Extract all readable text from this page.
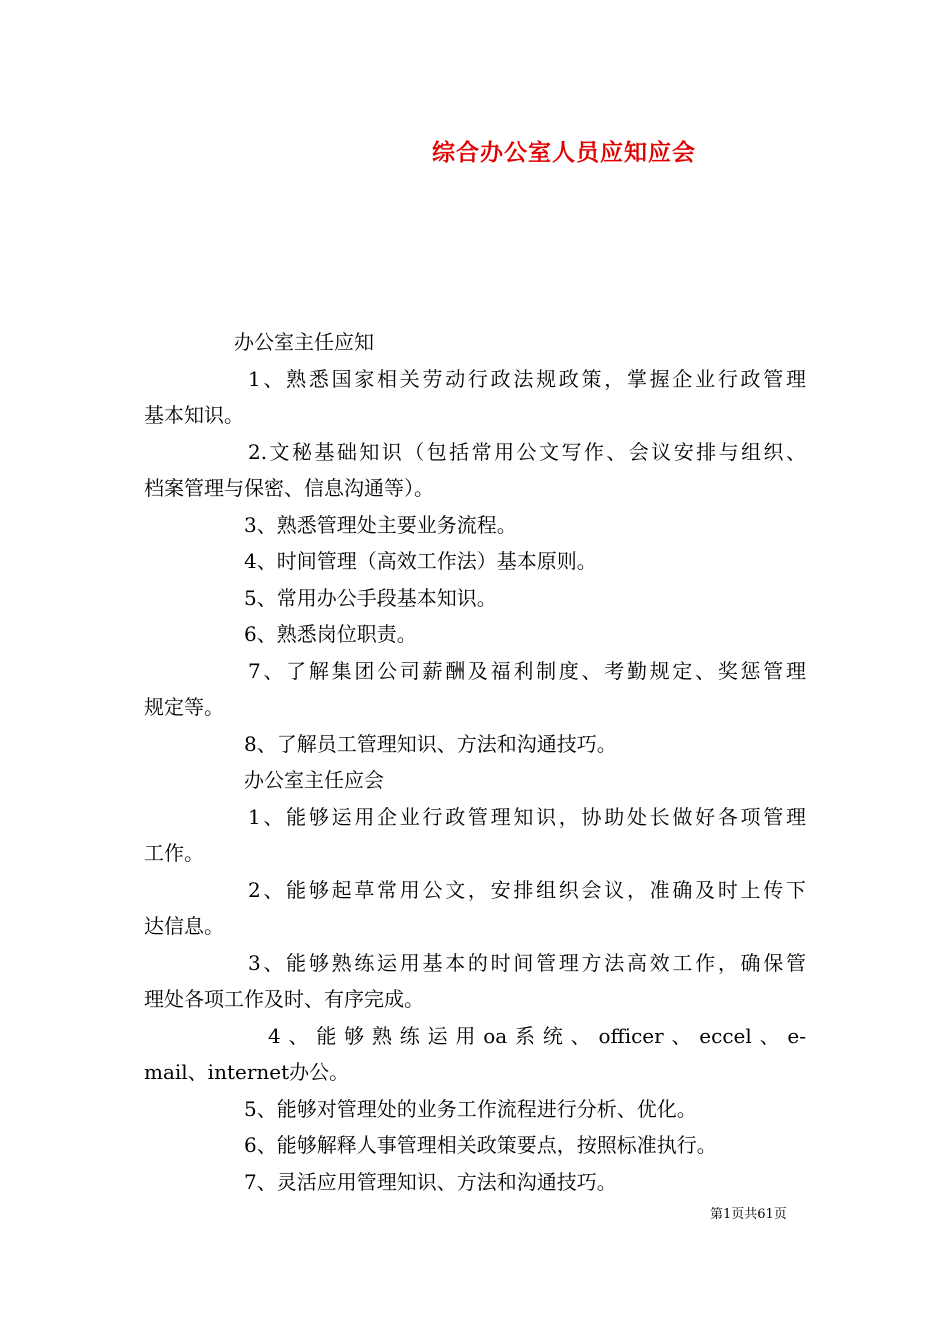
综合办公室人员应知应会
办公室主任应知
1、熟悉国家相关劳动行政法规政策，掌握企业行政管理
基本知识。
2.文秘基础知识（包括常用公文写作、会议安排与组织、
档案管理与保密、信息沟通等）。
3、熟悉管理处主要业务流程。
4、时间管理（高效工作法）基本原则。
5、常用办公手段基本知识。
6、熟悉岗位职责。
7、了解集团公司薪酬及福利制度、考勤规定、奖惩管理
规定等。
8、了解员工管理知识、方法和沟通技巧。
办公室主任应会
1、能够运用企业行政管理知识，协助处长做好各项管理
工作。
2、能够起草常用公文，安排组织会议，准确及时上传下
达信息。
3、能够熟练运用基本的时间管理方法高效工作，确保管
理处各项工作及时、有序完成。
4、能够熟练运用oa系统、officer、eccel、e-
mail、internet办公。
5、能够对管理处的业务工作流程进行分析、优化。
6、能够解释人事管理相关政策要点，按照标准执行。
7、灵活应用管理知识、方法和沟通技巧。
第1页共61页
